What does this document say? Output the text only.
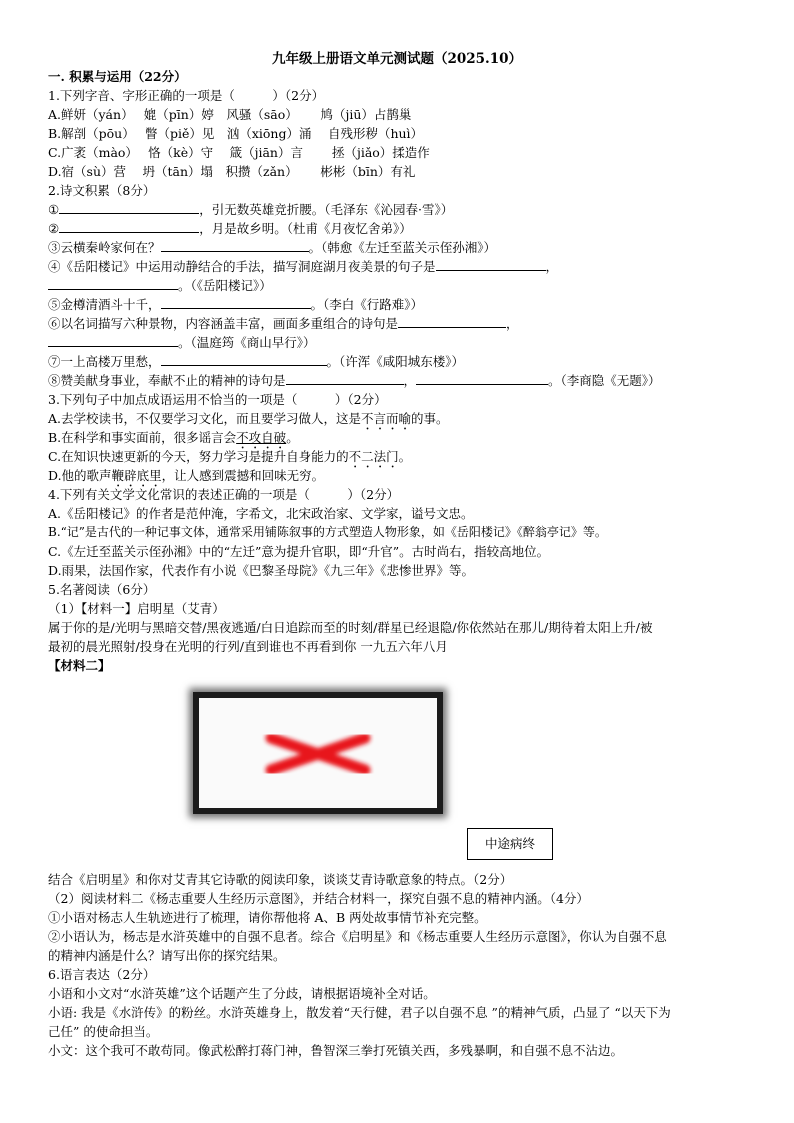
九年级上册语文单元测试题（2025.10）
一. 积累与运用（22分）
1.下列字音、字形正确的一项是（　　　）（2分）
A.鲜妍（yán）　 媲（pīn）婷　风骚（sāo）　　 鸠（jiū）占鹊巢
B.解剖（pōu）　 瞥（piě）见　汹（xiōng）涌　 自残形秽（huì）
C.广袤（mào）　 恪（kè）守　 箴（jiān）言　　 拯（jiǎo）揉造作
D.宿（sù）营　 坍（tān）塌　积攒（zǎn）　　 彬彬（bīn）有礼
2.诗文积累（8分）
①	，引无数英雄竞折腰。（毛泽东《沁园春·雪》）
②	，月是故乡明。（杜甫《月夜忆舍弟》）
③云横秦岭家何在？	。（韩愈《左迁至蓝关示侄孙湘》）
④《岳阳楼记》中运用动静结合的手法，描写洞庭湖月夜美景的句子是	，
。（《岳阳楼记》）
⑤金樽清酒斗十千，	。（李白《行路难》）
⑥以名词描写六种景物，内容涵盖丰富，画面多重组合的诗句是	，
。（温庭筠《商山早行》）
⑦一上高楼万里愁，	。（许浑《咸阳城东楼》）
⑧赞美献身事业，奉献不止的精神的诗句是	，	。（李商隐《无题》）
3.下列句子中加点成语运用不恰当的一项是（　　　）（2分）
A.去学校读书，不仅要学习文化，而且要学习做人，这是不言而喻的事。
B.在科学和事实面前，很多谣言会不攻自破。
C.在知识快速更新的今天，努力学习是提升自身能力的不二法门。
D.他的歌声鞭辟底里，让人感到震撼和回味无穷。
4.下列有关文学文化常识的表述正确的一项是（　　　）（2分）
A.《岳阳楼记》的作者是范仲淹，字希文，北宋政治家、文学家，谥号文忠。
B.“记”是古代的一种记事文体，通常采用铺陈叙事的方式塑造人物形象，如《岳阳楼记》《醉翁亭记》等。
C.《左迁至蓝关示侄孙湘》中的“左迁”意为提升官职，即“升官”。古时尚右，指较高地位。
D.雨果，法国作家，代表作有小说《巴黎圣母院》《九三年》《悲惨世界》等。
5.名著阅读（6分）
（1）【材料一】启明星（艾青）
属于你的是/光明与黑暗交替/黑夜逃遁/白日追踪而至的时刻/群星已经退隐/你依然站在那儿/期待着太阳上升/被
最初的晨光照射/投身在光明的行列/直到谁也不再看到你 一九五六年八月
【材料二】
中途病终
结合《启明星》和你对艾青其它诗歌的阅读印象，谈谈艾青诗歌意象的特点。（2分）
（2）阅读材料二《杨志重要人生经历示意图》，并结合材料一，探究自强不息的精神内涵。（4分）
①小语对杨志人生轨迹进行了梳理，请你帮他将 A、B 两处故事情节补充完整。
②小语认为，杨志是水浒英雄中的自强不息者。综合《启明星》和《杨志重要人生经历示意图》，你认为自强不息
的精神内涵是什么？请写出你的探究结果。
6.语言表达（2分）
小语和小文对“水浒英雄”这个话题产生了分歧，请根据语境补全对话。
小语: 我是《水浒传》的粉丝。水浒英雄身上，散发着“天行健，君子以自强不息 ”的精神气质，凸显了 “以天下为
己任” 的使命担当。
小文：这个我可不敢苟同。像武松醉打蒋门神，鲁智深三拳打死镇关西，多残暴啊，和自强不息不沾边。
